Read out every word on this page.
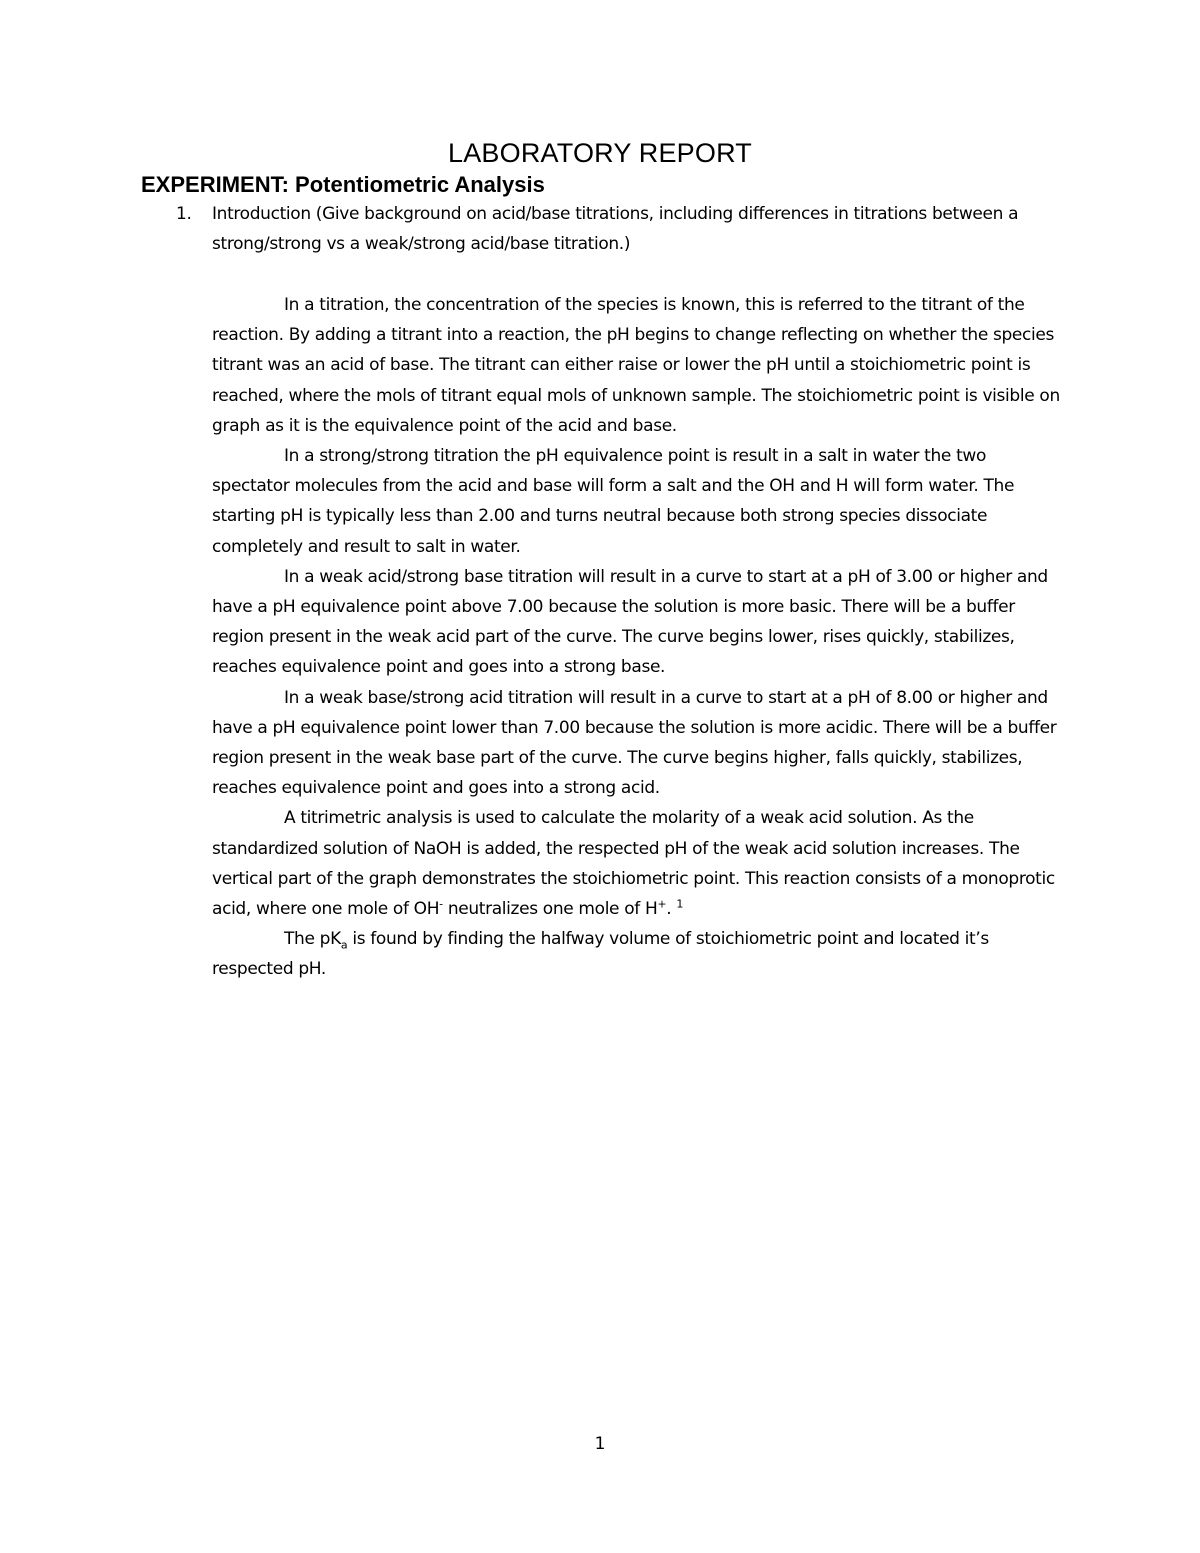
LABORATORY REPORT
EXPERIMENT: Potentiometric Analysis
1. Introduction (Give background on acid/base titrations, including differences in titrations between a strong/strong vs a weak/strong acid/base titration.)

In a titration, the concentration of the species is known, this is referred to the titrant of the reaction. By adding a titrant into a reaction, the pH begins to change reflecting on whether the species titrant was an acid of base. The titrant can either raise or lower the pH until a stoichiometric point is reached, where the mols of titrant equal mols of unknown sample. The stoichiometric point is visible on graph as it is the equivalence point of the acid and base.

In a strong/strong titration the pH equivalence point is result in a salt in water the two spectator molecules from the acid and base will form a salt and the OH and H will form water. The starting pH is typically less than 2.00 and turns neutral because both strong species dissociate completely and result to salt in water.

In a weak acid/strong base titration will result in a curve to start at a pH of 3.00 or higher and have a pH equivalence point above 7.00 because the solution is more basic. There will be a buffer region present in the weak acid part of the curve. The curve begins lower, rises quickly, stabilizes, reaches equivalence point and goes into a strong base.

In a weak base/strong acid titration will result in a curve to start at a pH of 8.00 or higher and have a pH equivalence point lower than 7.00 because the solution is more acidic. There will be a buffer region present in the weak base part of the curve. The curve begins higher, falls quickly, stabilizes, reaches equivalence point and goes into a strong acid.

A titrimetric analysis is used to calculate the molarity of a weak acid solution. As the standardized solution of NaOH is added, the respected pH of the weak acid solution increases. The vertical part of the graph demonstrates the stoichiometric point. This reaction consists of a monoprotic acid, where one mole of OH- neutralizes one mole of H+. $^1$

The $pK_a$ is found by finding the halfway volume of stoichiometric point and located it’s respected pH.

1
